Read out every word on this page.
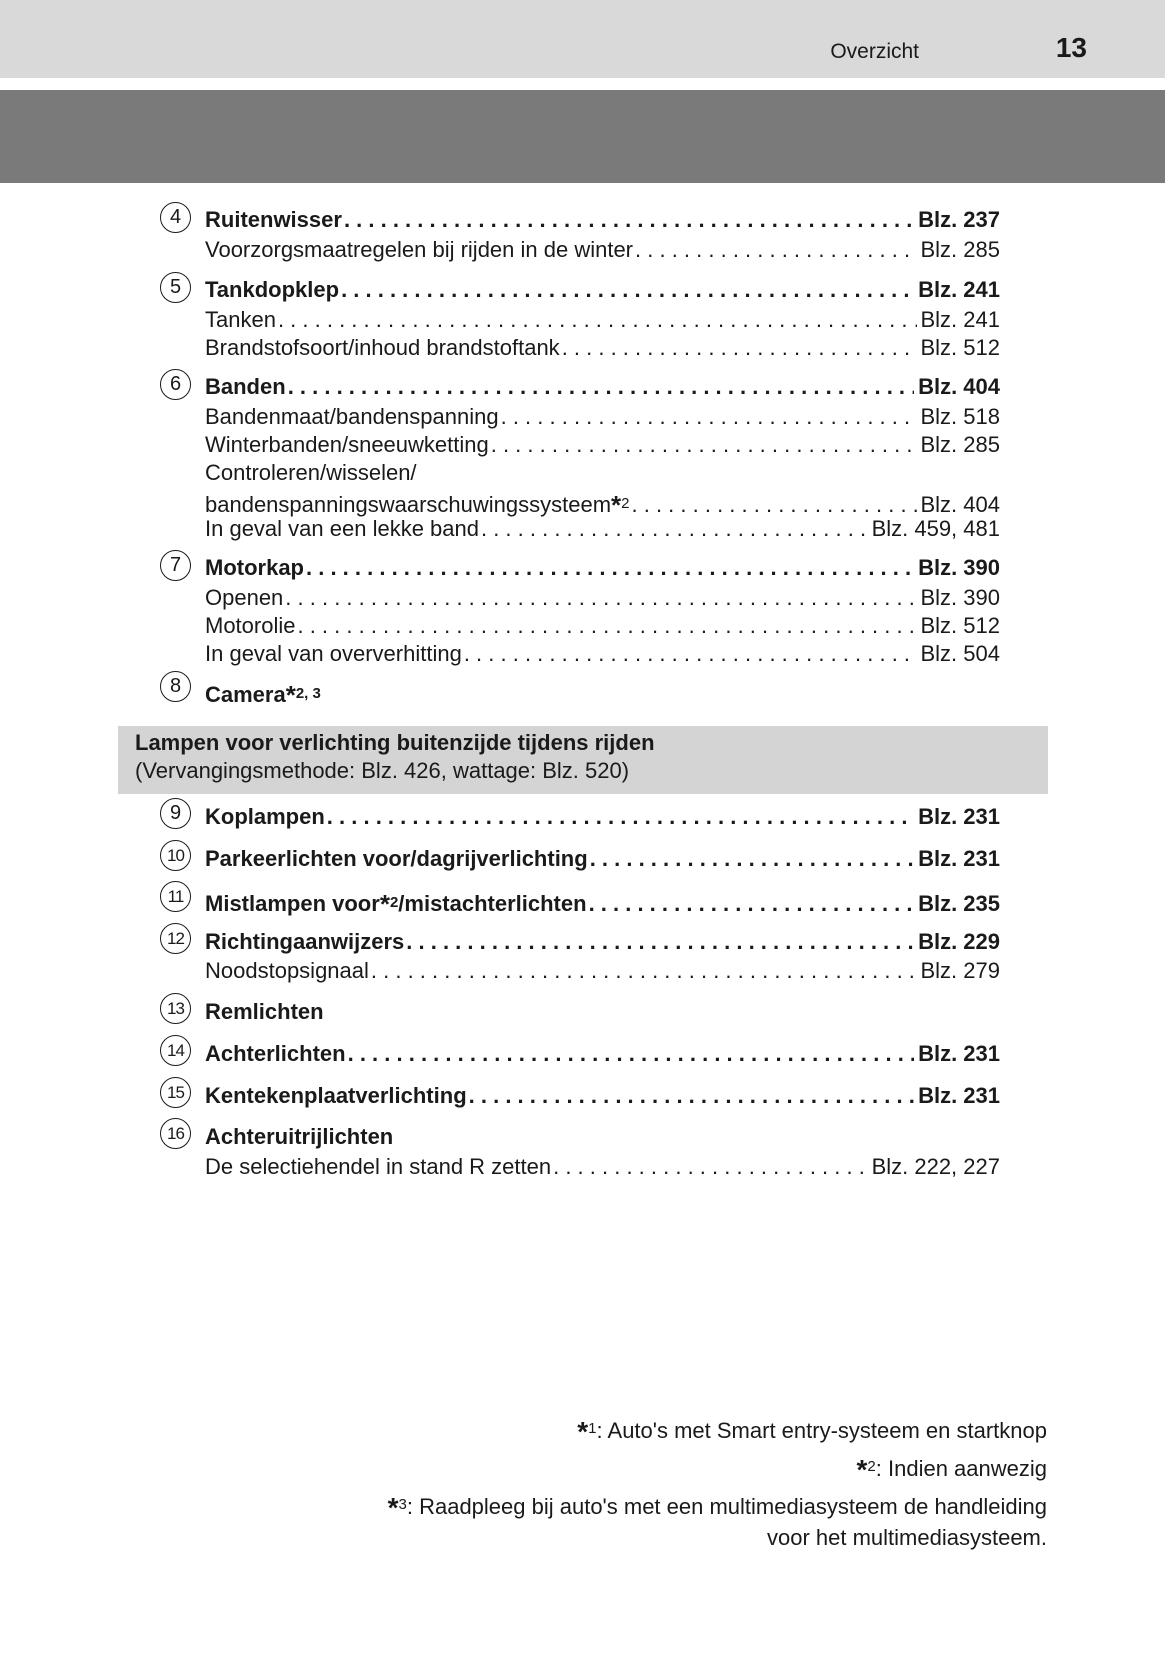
Overzicht	13
4	Ruitenwisser . . .	Blz. 237
Voorzorgsmaatregelen bij rijden in de winter . . .	Blz. 285
5	Tankdopklep . . .	Blz. 241
Tanken . . .	Blz. 241
Brandstofsoort/inhoud brandstoftank . . .	Blz. 512
6	Banden . . .	Blz. 404
Bandenmaat/bandenspanning . . .	Blz. 518
Winterbanden/sneeuwketting . . .	Blz. 285
Controleren/wisselen/
bandenspanningswaarschuwingssysteem*$^2$ . . .	Blz. 404
In geval van een lekke band . . .	Blz. 459, 481
7	Motorkap . . .	Blz. 390
Openen . . .	Blz. 390
Motorolie . . .	Blz. 512
In geval van oververhitting . . .	Blz. 504
8	Camera*$^{2, 3}$
Lampen voor verlichting buitenzijde tijdens rijden
(Vervangingsmethode: Blz. 426, wattage: Blz. 520)
9	Koplampen . . .	Blz. 231
10 Parkeerlichten voor/dagrijverlichting . . .	Blz. 231
11 Mistlampen voor*$^2$/mistachterlichten . . .	Blz. 235
12 Richtingaanwijzers . . .	Blz. 229
Noodstopsignaal . . .	Blz. 279
13 Remlichten
14 Achterlichten . . .	Blz. 231
15 Kentekenplaatverlichting . . .	Blz. 231
16 Achteruitrijlichten
De selectiehendel in stand R zetten . . .	Blz. 222, 227
*$^1$: Auto's met Smart entry-systeem en startknop
*$^2$: Indien aanwezig
*$^3$: Raadpleeg bij auto's met een multimediasysteem de handleiding
voor het multimediasysteem.
